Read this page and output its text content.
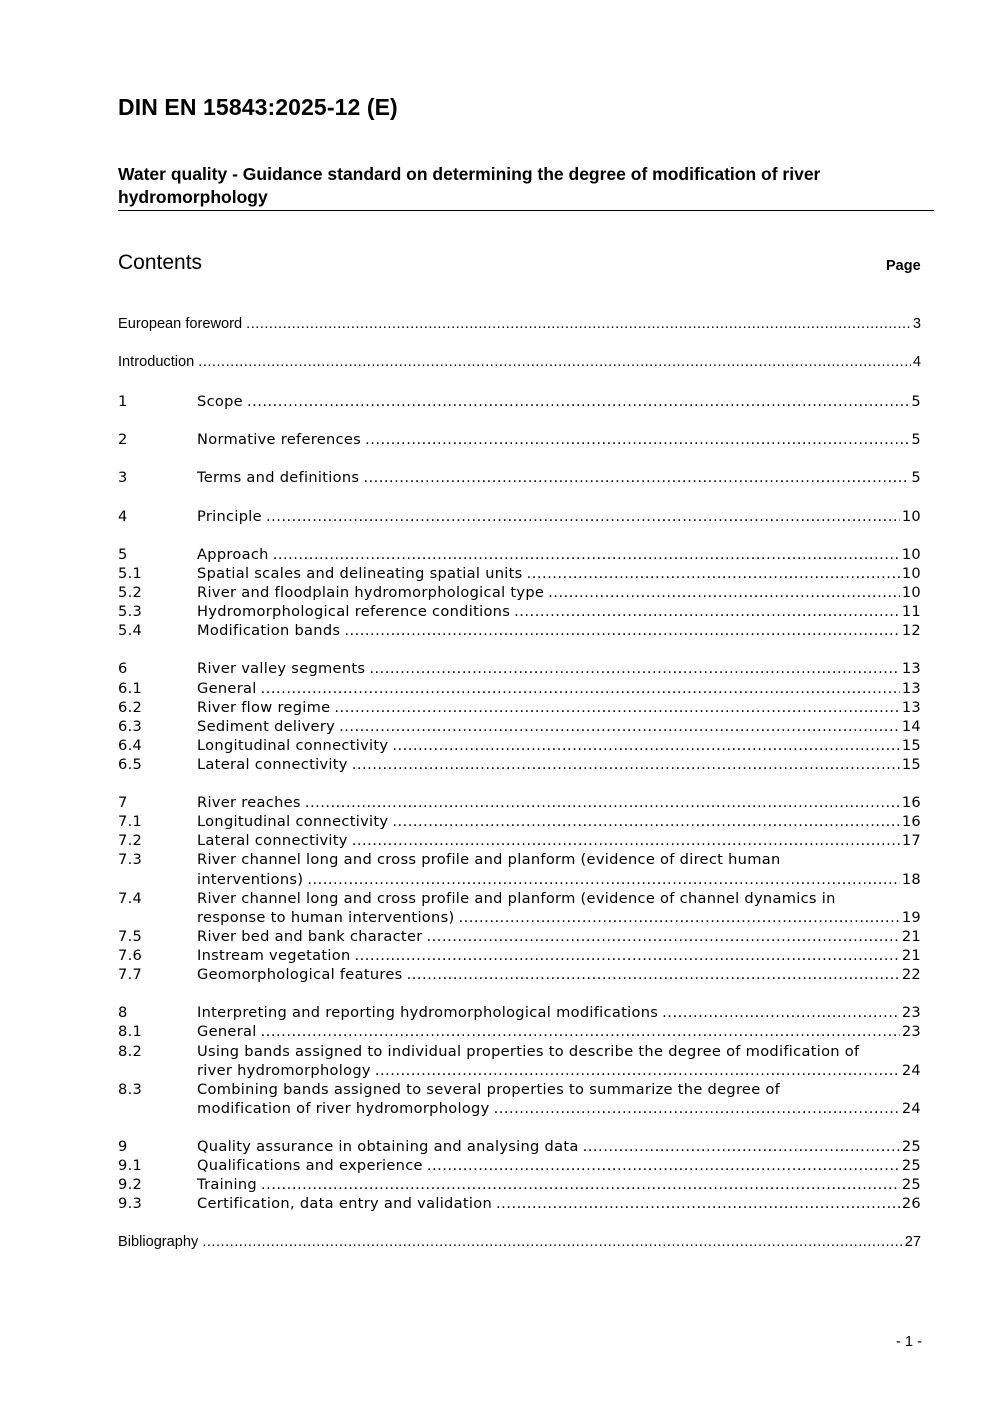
DIN EN 15843:2025-12 (E)
Water quality - Guidance standard on determining the degree of modification of river hydromorphology
Contents	Page
European foreword .....	3
Introduction .....	4
1	Scope .....	5
2	Normative references .....	5
3	Terms and definitions .....	5
4	Principle .....	10
5	Approach .....	10
5.1	Spatial scales and delineating spatial units .....	10
5.2	River and floodplain hydromorphological type .....	10
5.3	Hydromorphological reference conditions .....	11
5.4	Modification bands .....	12
6	River valley segments .....	13
6.1	General .....	13
6.2	River flow regime .....	13
6.3	Sediment delivery .....	14
6.4	Longitudinal connectivity .....	15
6.5	Lateral connectivity .....	15
7	River reaches .....	16
7.1	Longitudinal connectivity .....	16
7.2	Lateral connectivity .....	17
7.3	River channel long and cross profile and planform (evidence of direct human
interventions) .....	18
7.4	River channel long and cross profile and planform (evidence of channel dynamics in
response to human interventions) .....	19
7.5	River bed and bank character .....	21
7.6	Instream vegetation .....	21
7.7	Geomorphological features .....	22
8	Interpreting and reporting hydromorphological modifications .....	23
8.1	General .....	23
8.2	Using bands assigned to individual properties to describe the degree of modification of
river hydromorphology .....	24
8.3	Combining bands assigned to several properties to summarize the degree of
modification of river hydromorphology .....	24
9	Quality assurance in obtaining and analysing data .....	25
9.1	Qualifications and experience .....	25
9.2	Training .....	25
9.3	Certification, data entry and validation .....	26
Bibliography .....	27
- 1 -
